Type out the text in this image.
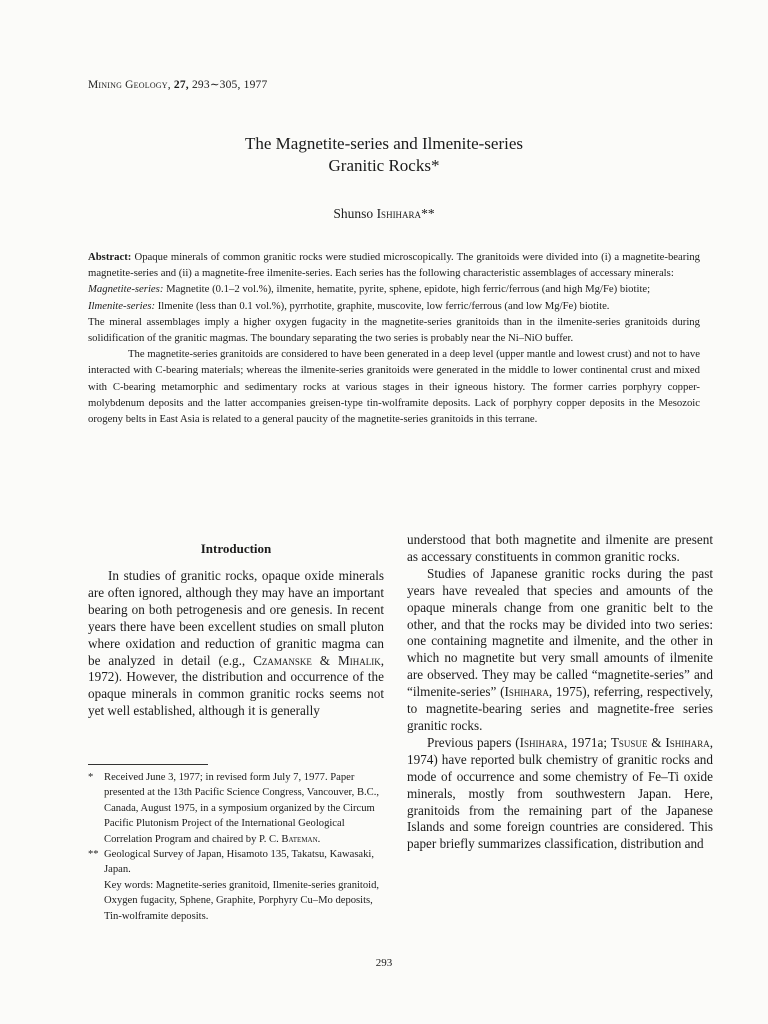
Mining Geology, 27, 293∼305, 1977
The Magnetite-series and Ilmenite-series
Granitic Rocks*
Shunso Ishihara**

Abstract: Opaque minerals of common granitic rocks were studied microscopically. The granitoids were divided into (i) a magnetite-bearing magnetite-series and (ii) a magnetite-free ilmenite-series. Each series has the following characteristic assemblages of accessary minerals:

Magnetite-series: Magnetite (0.1–2 vol.%), ilmenite, hematite, pyrite, sphene, epidote, high ferric/ferrous (and high Mg/Fe) biotite;

Ilmenite-series: Ilmenite (less than 0.1 vol.%), pyrrhotite, graphite, muscovite, low ferric/ferrous (and low Mg/Fe) biotite.

The mineral assemblages imply a higher oxygen fugacity in the magnetite-series granitoids than in the ilmenite-series granitoids during solidification of the granitic magmas. The boundary separating the two series is probably near the Ni–NiO buffer.

The magnetite-series granitoids are considered to have been generated in a deep level (upper mantle and lowest crust) and not to have interacted with C-bearing materials; whereas the ilmenite-series granitoids were generated in the middle to lower continental crust and mixed with C-bearing metamorphic and sedimentary rocks at various stages in their igneous history. The former carries porphyry copper-molybdenum deposits and the latter accompanies greisen-type tin-wolframite deposits. Lack of porphyry copper deposits in the Mesozoic orogeny belts in East Asia is related to a general paucity of the magnetite-series granitoids in this terrane.

Introduction

In studies of granitic rocks, opaque oxide minerals are often ignored, although they may have an important bearing on both petrogenesis and ore genesis. In recent years there have been excellent studies on small pluton where oxidation and reduction of granitic magma can be analyzed in detail (e.g., Czamanske & Mihalik, 1972). However, the distribution and occurrence of the opaque minerals in common granitic rocks seems not yet well established, although it is generally

understood that both magnetite and ilmenite are present as accessary constituents in common granitic rocks.

Studies of Japanese granitic rocks during the past years have revealed that species and amounts of the opaque minerals change from one granitic belt to the other, and that the rocks may be divided into two series: one containing magnetite and ilmenite, and the other in which no magnetite but very small amounts of ilmenite are observed. They may be called “magnetite-series” and “ilmenite-series” (Ishihara, 1975), referring, respectively, to magnetite-bearing series and magnetite-free series granitic rocks.

Previous papers (Ishihara, 1971a; Tsusue & Ishihara, 1974) have reported bulk chemistry of granitic rocks and mode of occurrence and some chemistry of Fe–Ti oxide minerals, mostly from southwestern Japan. Here, granitoids from the remaining part of the Japanese Islands and some foreign countries are considered. This paper briefly summarizes classification, distribution and

* Received June 3, 1977; in revised form July 7, 1977. Paper presented at the 13th Pacific Science Congress, Vancouver, B.C., Canada, August 1975, in a symposium organized by the Circum Pacific Plutonism Project of the International Geological Correlation Program and chaired by P. C. Bateman.

** Geological Survey of Japan, Hisamoto 135, Takatsu, Kawasaki, Japan.

Key words: Magnetite-series granitoid, Ilmenite-series granitoid, Oxygen fugacity, Sphene, Graphite, Porphyry Cu–Mo deposits, Tin-wolframite deposits.

293
